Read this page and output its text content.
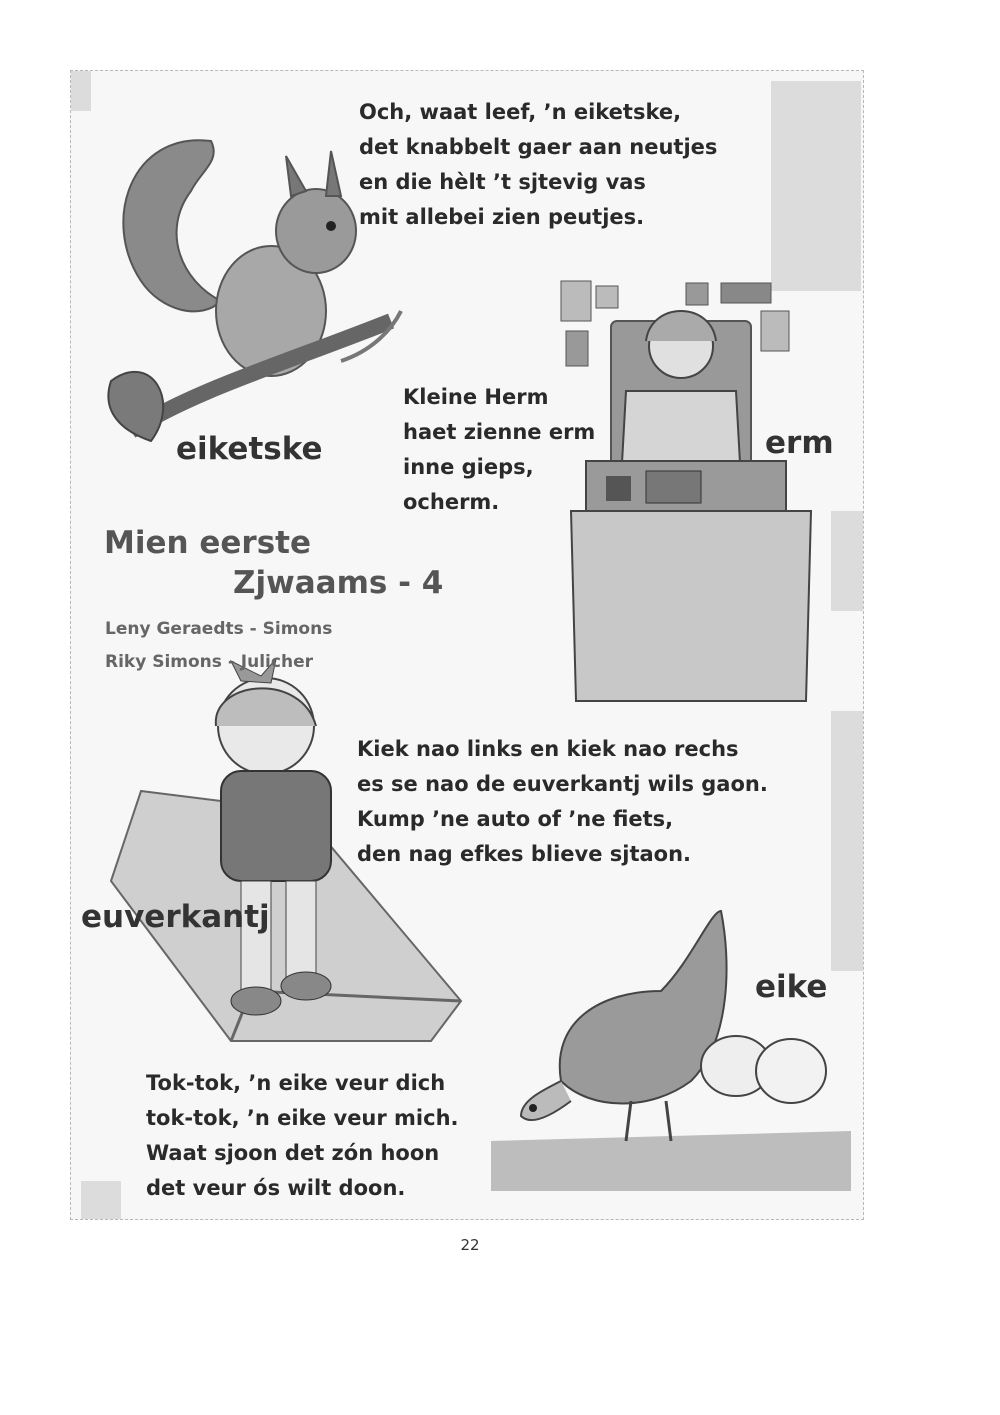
Och, waat leef, ’n eiketske,

det knabbelt gaer aan neutjes

en die hèlt ’t sjtevig vas

mit allebei zien peutjes.

eiketske

Kleine Herm

haet zienne erm

inne gieps,

ocherm.

erm
Mien eerste
Zjwaams - 4
Leny Geraedts - Simons
Riky Simons - Julicher

Kiek nao links en kiek nao rechs

es se nao de euverkantj wils gaon.

Kump ’ne auto of ’ne fiets,

den nag efkes blieve sjtaon.

euverkantj
eike

Tok-tok, ’n eike veur dich

tok-tok, ’n eike veur mich.

Waat sjoon det zón hoon

det veur ós wilt doon.

22
